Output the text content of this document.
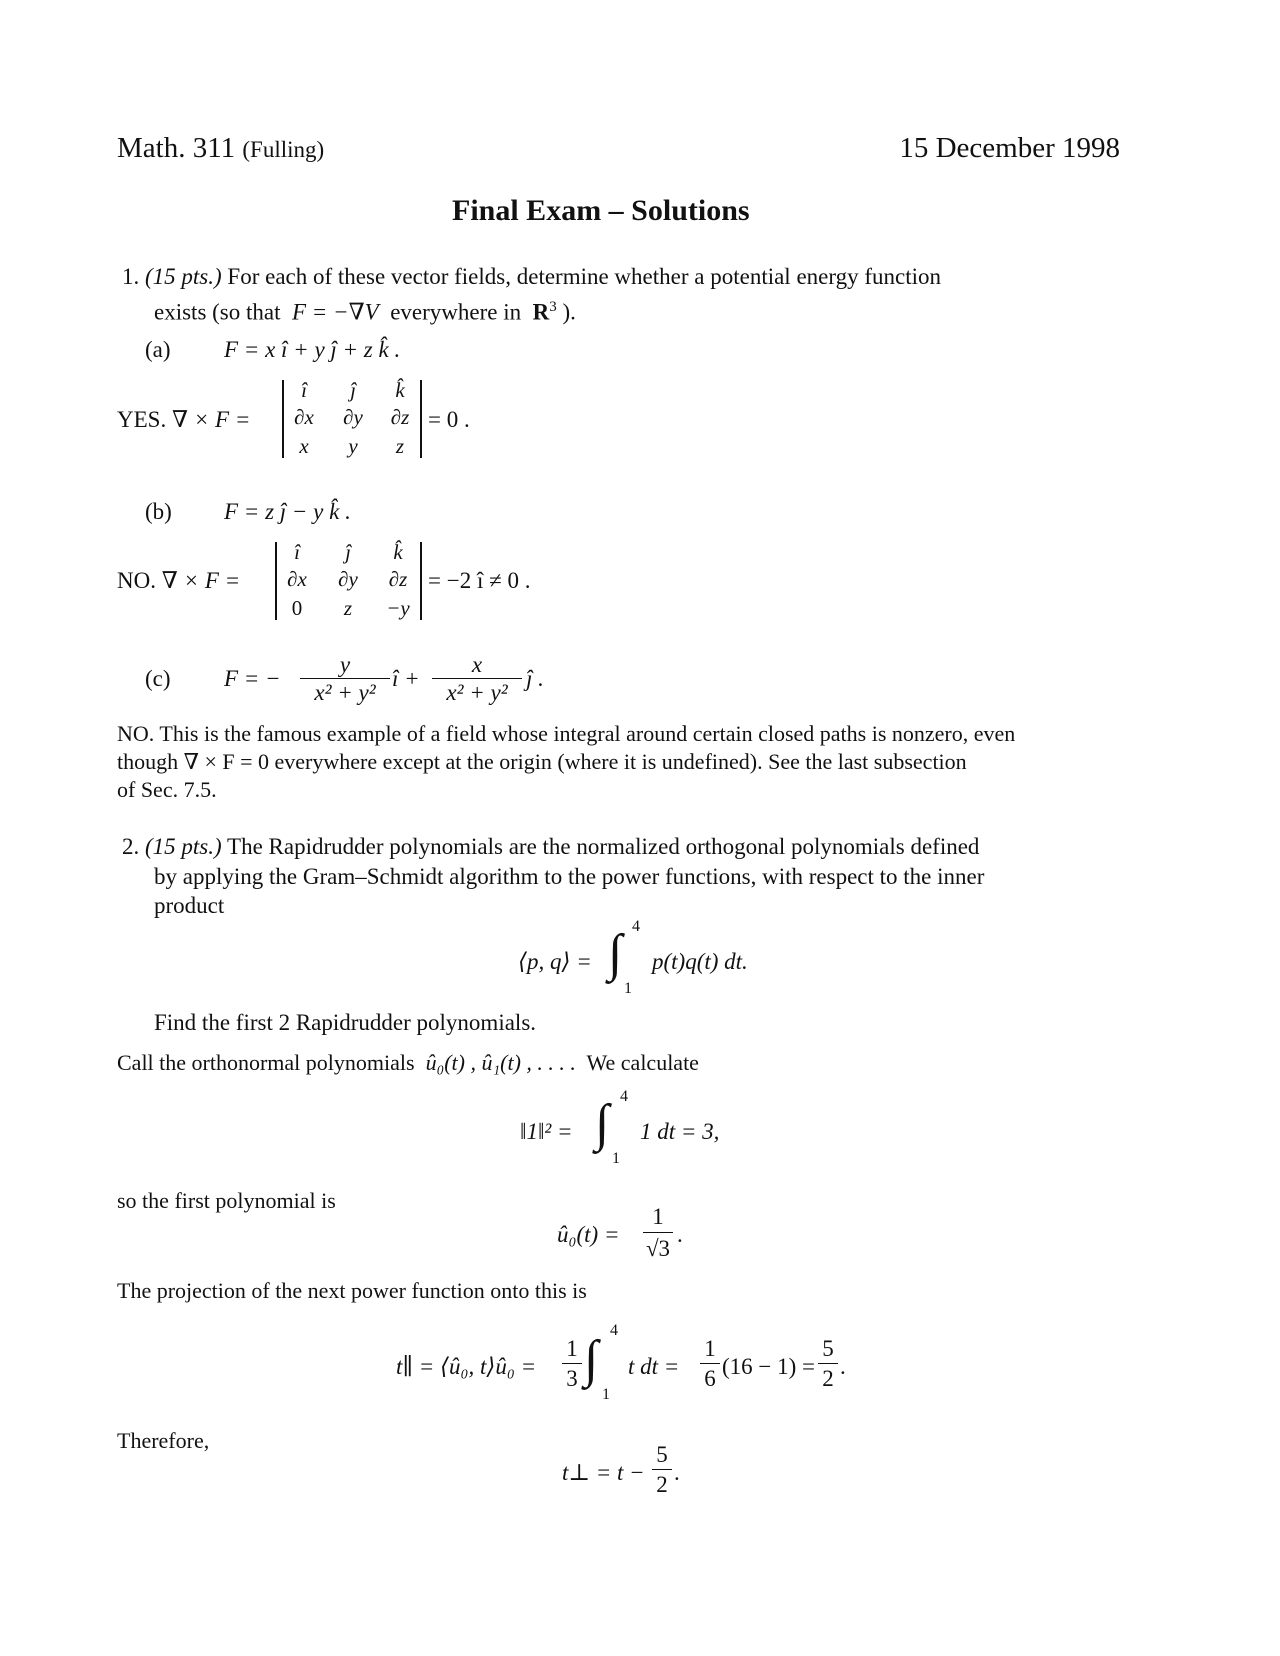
Math. 311 (Fulling)	15 December 1998
Final Exam – Solutions
1. (15 pts.) For each of these vector fields, determine whether a potential energy function
exists (so that F = −∇V everywhere in $R^3$ ).
(a) F = x î + y ĵ + z k̂ .
YES. ∇ × F =
î	ĵ	k̂
∂x	∂y	∂z
x	y	z
= 0 .
(b) F = z ĵ − y k̂ .
NO. ∇ × F =
î	ĵ	k̂
∂x	∂y	∂z
0	z	−y
= −2 î ≠ 0 .
(c) F = −
y
x² + y²
î +
x
x² + y²
ĵ .
NO. This is the famous example of a field whose integral around certain closed paths is nonzero, even
though ∇ × F = 0 everywhere except at the origin (where it is undefined). See the last subsection
of Sec. 7.5.
2. (15 pts.) The Rapidrudder polynomials are the normalized orthogonal polynomials defined
by applying the Gram–Schmidt algorithm to the power functions, with respect to the inner
product
⟨p, q⟩ = ∫ 4
1
p(t)q(t) dt.
Find the first 2 Rapidrudder polynomials.
Call the orthonormal polynomials û₀(t) , û₁(t) , . . . . We calculate
‖1‖² = ∫ 4
1
1 dt = 3,
so the first polynomial is
û₀(t) =
1
√3
.
The projection of the next power function onto this is
t∥ = ⟨û₀, t⟩û₀ =
1
3 ∫
4
1
t dt =
1
6 (16 − 1) =
5
2 .
Therefore,
t⊥ = t −
5
2 .
